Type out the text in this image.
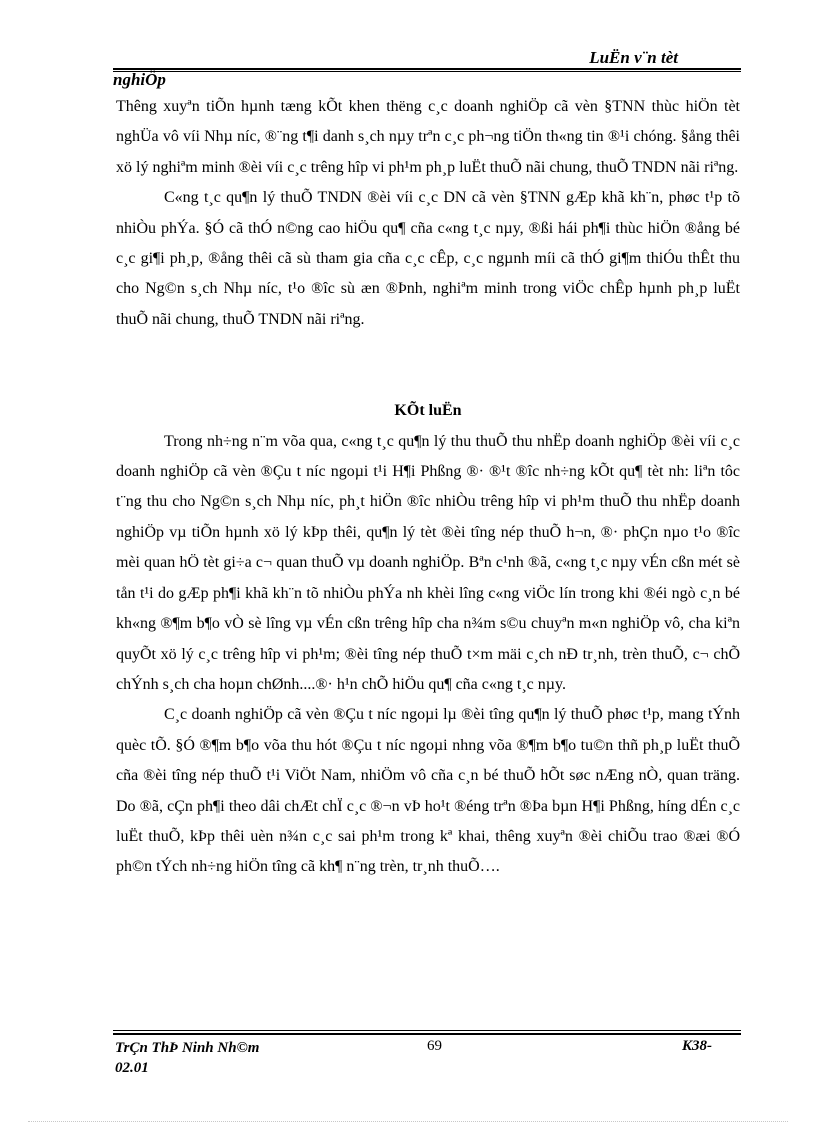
LuËn v¨n tèt
nghiÖp

Thêng xuyªn tiÕn hµnh tæng kÕt khen thëng c¸c doanh nghiÖp cã vèn §TNN thùc hiÖn tèt nghÜa vô víi Nhµ níc, ®¨ng t¶i danh s¸ch nµy trªn c¸c ph¬ng tiÖn th«ng tin ®¹i chóng. §ång thêi xö lý nghiªm minh ®èi víi c¸c trêng hîp vi ph¹m ph¸p luËt thuÕ nãi chung, thuÕ TNDN nãi riªng.

C«ng t¸c qu¶n lý thuÕ TNDN ®èi víi c¸c DN cã vèn §TNN gÆp khã kh¨n, phøc t¹p tõ nhiÒu phÝa. §Ó cã thÓ n©ng cao hiÖu qu¶ cña c«ng t¸c nµy, ®ßi hái ph¶i thùc hiÖn ®ång bé c¸c gi¶i ph¸p, ®ång thêi cã sù tham gia cña c¸c cÊp, c¸c ngµnh míi cã thÓ gi¶m thiÓu thÊt thu cho Ng©n s¸ch Nhµ níc, t¹o ®îc sù æn ®Þnh, nghiªm minh trong viÖc chÊp hµnh ph¸p luËt thuÕ nãi chung, thuÕ TNDN nãi riªng.

KÕt luËn

Trong nh÷ng n¨m võa qua, c«ng t¸c qu¶n lý thu thuÕ thu nhËp doanh nghiÖp ®èi víi c¸c doanh nghiÖp cã vèn ®Çu t níc ngoµi t¹i H¶i Phßng ®· ®¹t ®îc nh÷ng kÕt qu¶ tèt nh: liªn tôc t¨ng thu cho Ng©n s¸ch Nhµ níc, ph¸t hiÖn ®îc nhiÒu trêng hîp vi ph¹m thuÕ thu nhËp doanh nghiÖp vµ tiÕn hµnh xö lý kÞp thêi, qu¶n lý tèt ®èi tîng nép thuÕ h¬n, ®· phÇn nµo t¹o ®îc mèi quan hÖ tèt gi÷a c¬ quan thuÕ vµ doanh nghiÖp. Bªn c¹nh ®ã, c«ng t¸c nµy vÉn cßn mét sè tån t¹i do gÆp ph¶i khã kh¨n tõ nhiÒu phÝa nh khèi lîng c«ng viÖc lín trong khi ®éi ngò c¸n bé kh«ng ®¶m b¶o vÒ sè lîng vµ vÉn cßn trêng hîp cha n¾m s©u chuyªn m«n nghiÖp vô, cha kiªn quyÕt xö lý c¸c trêng hîp vi ph¹m; ®èi tîng nép thuÕ t×m mäi c¸ch nÐ tr¸nh, trèn thuÕ, c¬ chÕ chÝnh s¸ch cha hoµn chØnh....®· h¹n chÕ hiÖu qu¶ cña c«ng t¸c nµy.

C¸c doanh nghiÖp cã vèn ®Çu t níc ngoµi lµ ®èi tîng qu¶n lý thuÕ phøc t¹p, mang tÝnh quèc tÕ. §Ó ®¶m b¶o võa thu hót ®Çu t níc ngoµi nhng võa ®¶m b¶o tu©n thñ ph¸p luËt thuÕ cña ®èi tîng nép thuÕ t¹i ViÖt Nam, nhiÖm vô cña c¸n bé thuÕ hÕt søc nÆng nÒ, quan träng. Do ®ã, cÇn ph¶i theo dâi chÆt chÏ c¸c ®¬n vÞ ho¹t ®éng trªn ®Þa bµn H¶i Phßng, híng dÉn c¸c luËt thuÕ, kÞp thêi uèn n¾n c¸c sai ph¹m trong kª khai, thêng xuyªn ®èi chiÕu trao ®æi ®Ó ph©n tÝch nh÷ng hiÖn tîng cã kh¶ n¨ng trèn, tr¸nh thuÕ….

TrÇn ThÞ Ninh Nh©m
02.01
69	K38-
